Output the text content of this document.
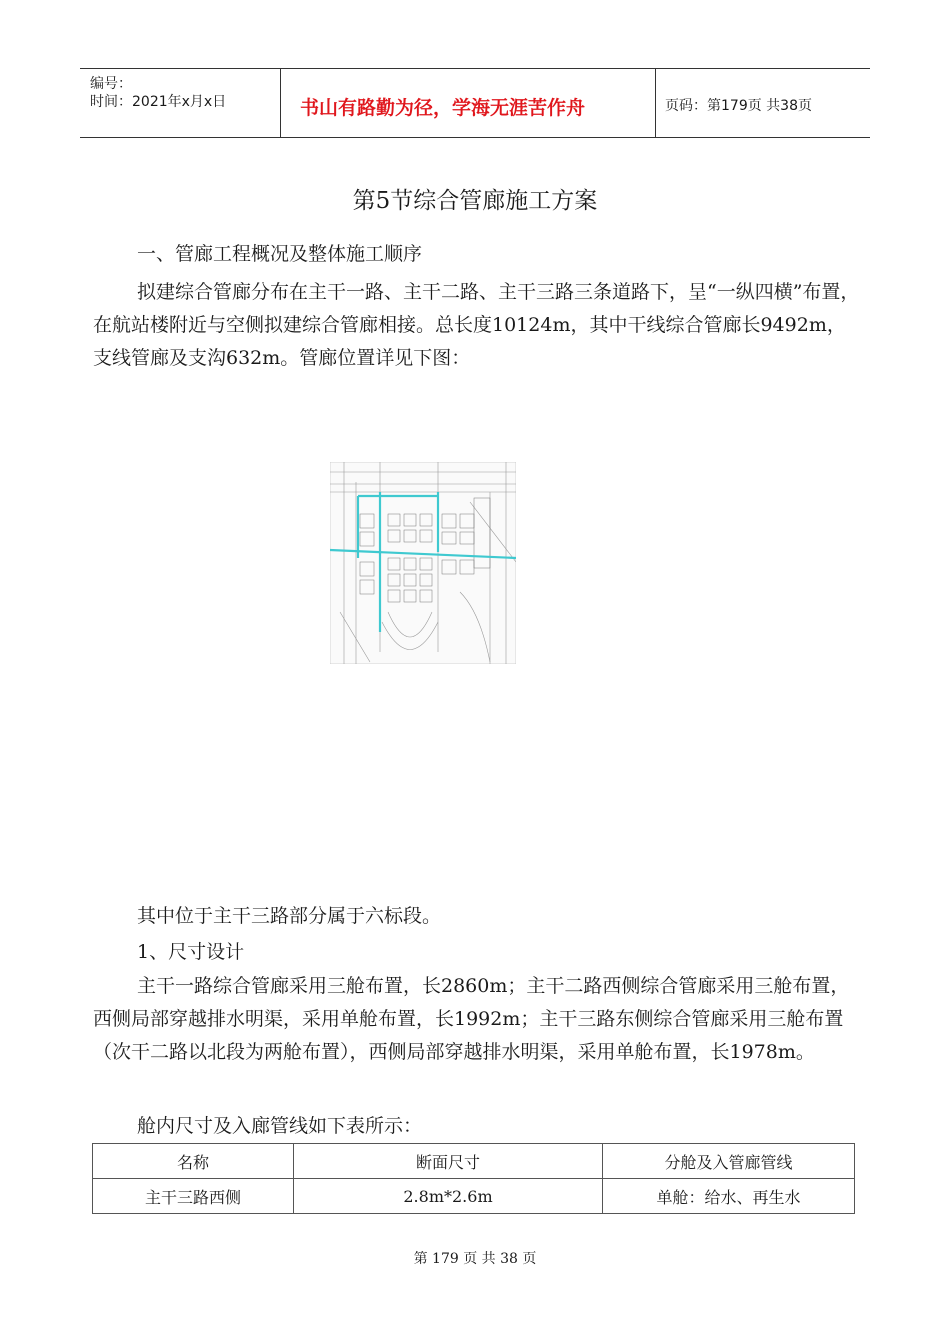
编号：
时间：2021年x月x日	书山有路勤为径，学海无涯苦作舟	页码：第179页 共38页
第5节综合管廊施工方案
一、管廊工程概况及整体施工顺序
拟建综合管廊分布在主干一路、主干二路、主干三路三条道路下，呈“一纵四横”布置，在航站楼附近与空侧拟建综合管廊相接。总长度10124m，其中干线综合管廊长9492m，支线管廊及支沟632m。管廊位置详见下图：
其中位于主干三路部分属于六标段。
1、尺寸设计
主干一路综合管廊采用三舱布置，长2860m；主干二路西侧综合管廊采用三舱布置，西侧局部穿越排水明渠，采用单舱布置，长1992m；主干三路东侧综合管廊采用三舱布置（次干二路以北段为两舱布置），西侧局部穿越排水明渠，采用单舱布置，长1978m。
舱内尺寸及入廊管线如下表所示：
名称	断面尺寸	分舱及入管廊管线
主干三路西侧	2.8m*2.6m	单舱：给水、再生水
第 179 页 共 38 页
